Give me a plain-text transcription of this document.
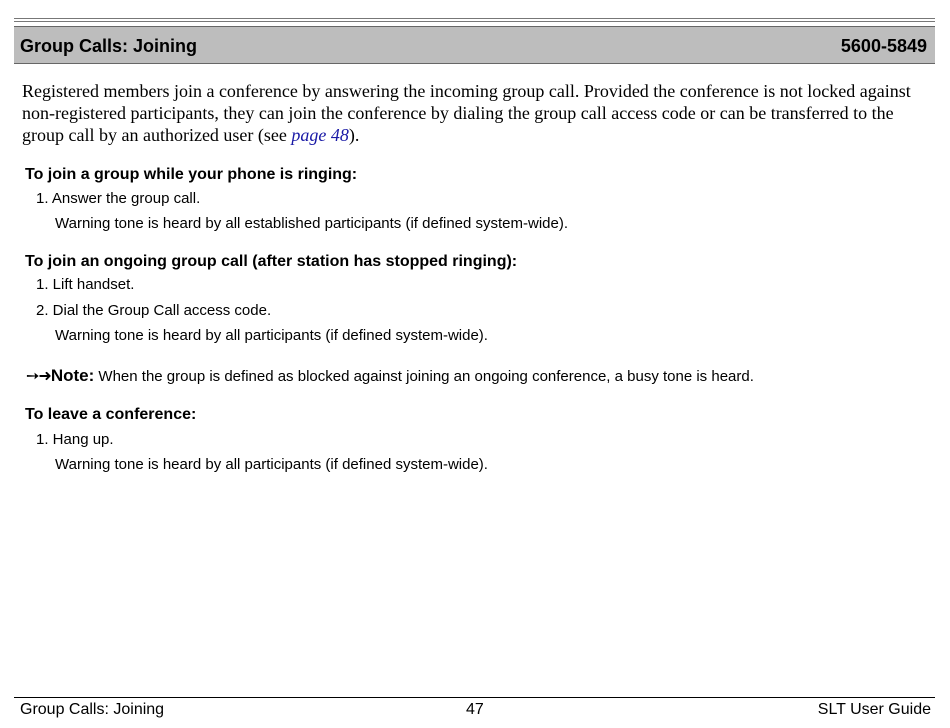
Group Calls: Joining	5600-5849
Registered members join a conference by answering the incoming group call. Provided the conference is not locked against non-registered participants, they can join the conference by dialing the group call access code or can be transferred to the group call by an authorized user (see page 48).
To join a group while your phone is ringing:
1. Answer the group call.
Warning tone is heard by all established participants (if defined system-wide).
To join an ongoing group call (after station has stopped ringing):
1. Lift handset.
2. Dial the Group Call access code.
Warning tone is heard by all participants (if defined system-wide).
➙➜Note: When the group is defined as blocked against joining an ongoing conference, a busy tone is heard.
To leave a conference:
1. Hang up.
Warning tone is heard by all participants (if defined system-wide).
Group Calls: Joining	47	SLT User Guide
